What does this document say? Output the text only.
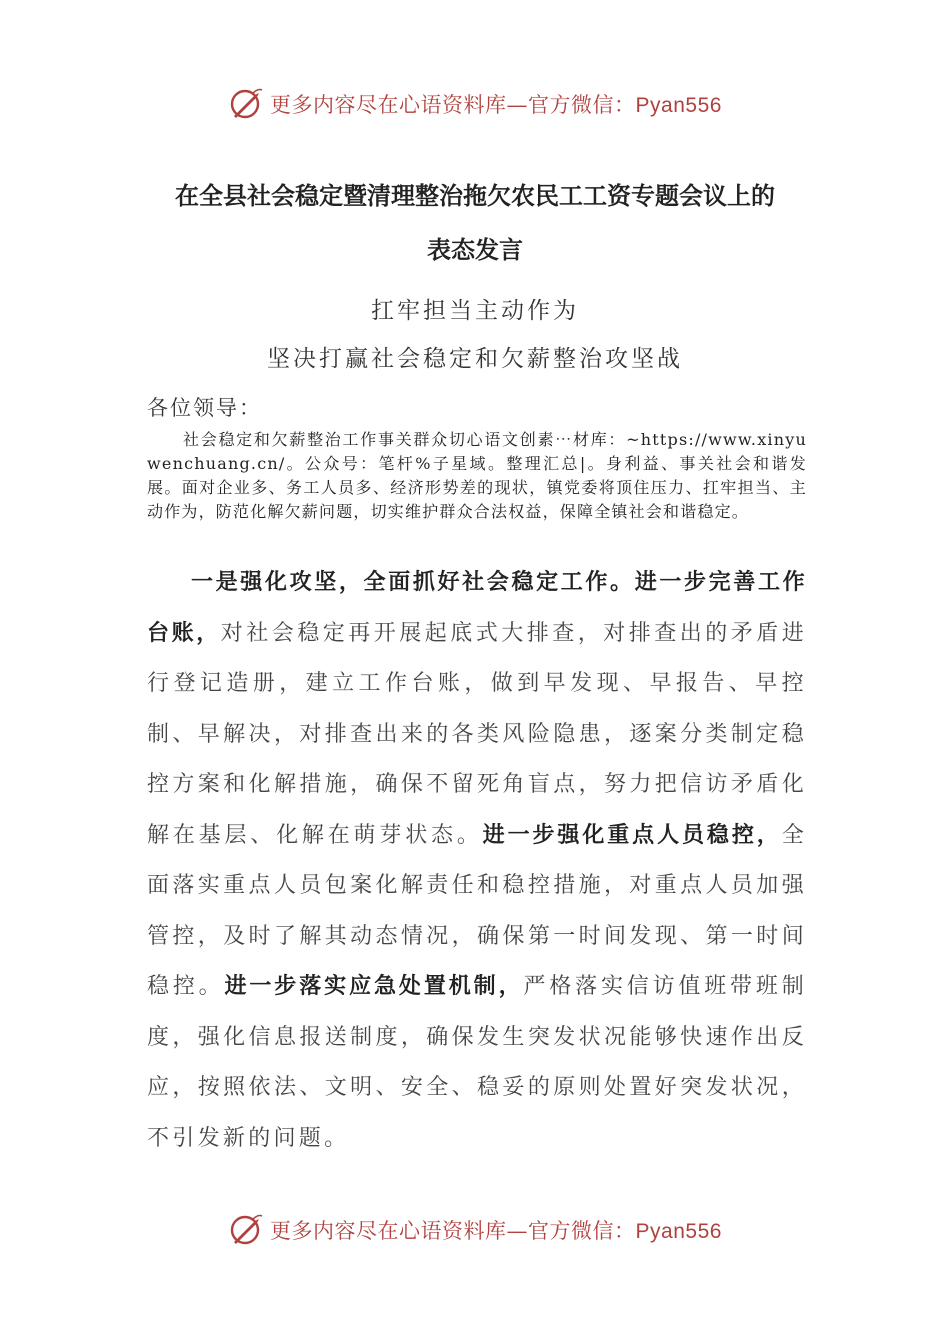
更多内容尽在心语资料库—官方微信：Pyan556
在全县社会稳定暨清理整治拖欠农民工工资专题会议上的
表态发言
扛牢担当主动作为
坚决打赢社会稳定和欠薪整治攻坚战
各位领导：
社会稳定和欠薪整治工作事关群众切心语文创素⋯材库：~https://www.xinyuwenchuang.cn/。公众号：笔杆%子星域。整理汇总|。身利益、事关社会和谐发展。面对企业多、务工人员多、经济形势差的现状，镇党委将顶住压力、扛牢担当、主动作为，防范化解欠薪问题，切实维护群众合法权益，保障全镇社会和谐稳定。
一是强化攻坚，全面抓好社会稳定工作。进一步完善工作台账，对社会稳定再开展起底式大排查，对排查出的矛盾进行登记造册，建立工作台账，做到早发现、早报告、早控制、早解决，对排查出来的各类风险隐患，逐案分类制定稳控方案和化解措施，确保不留死角盲点，努力把信访矛盾化解在基层、化解在萌芽状态。进一步强化重点人员稳控，全面落实重点人员包案化解责任和稳控措施，对重点人员加强管控，及时了解其动态情况，确保第一时间发现、第一时间稳控。进一步落实应急处置机制，严格落实信访值班带班制度，强化信息报送制度，确保发生突发状况能够快速作出反应，按照依法、文明、安全、稳妥的原则处置好突发状况，不引发新的问题。
更多内容尽在心语资料库—官方微信：Pyan556
